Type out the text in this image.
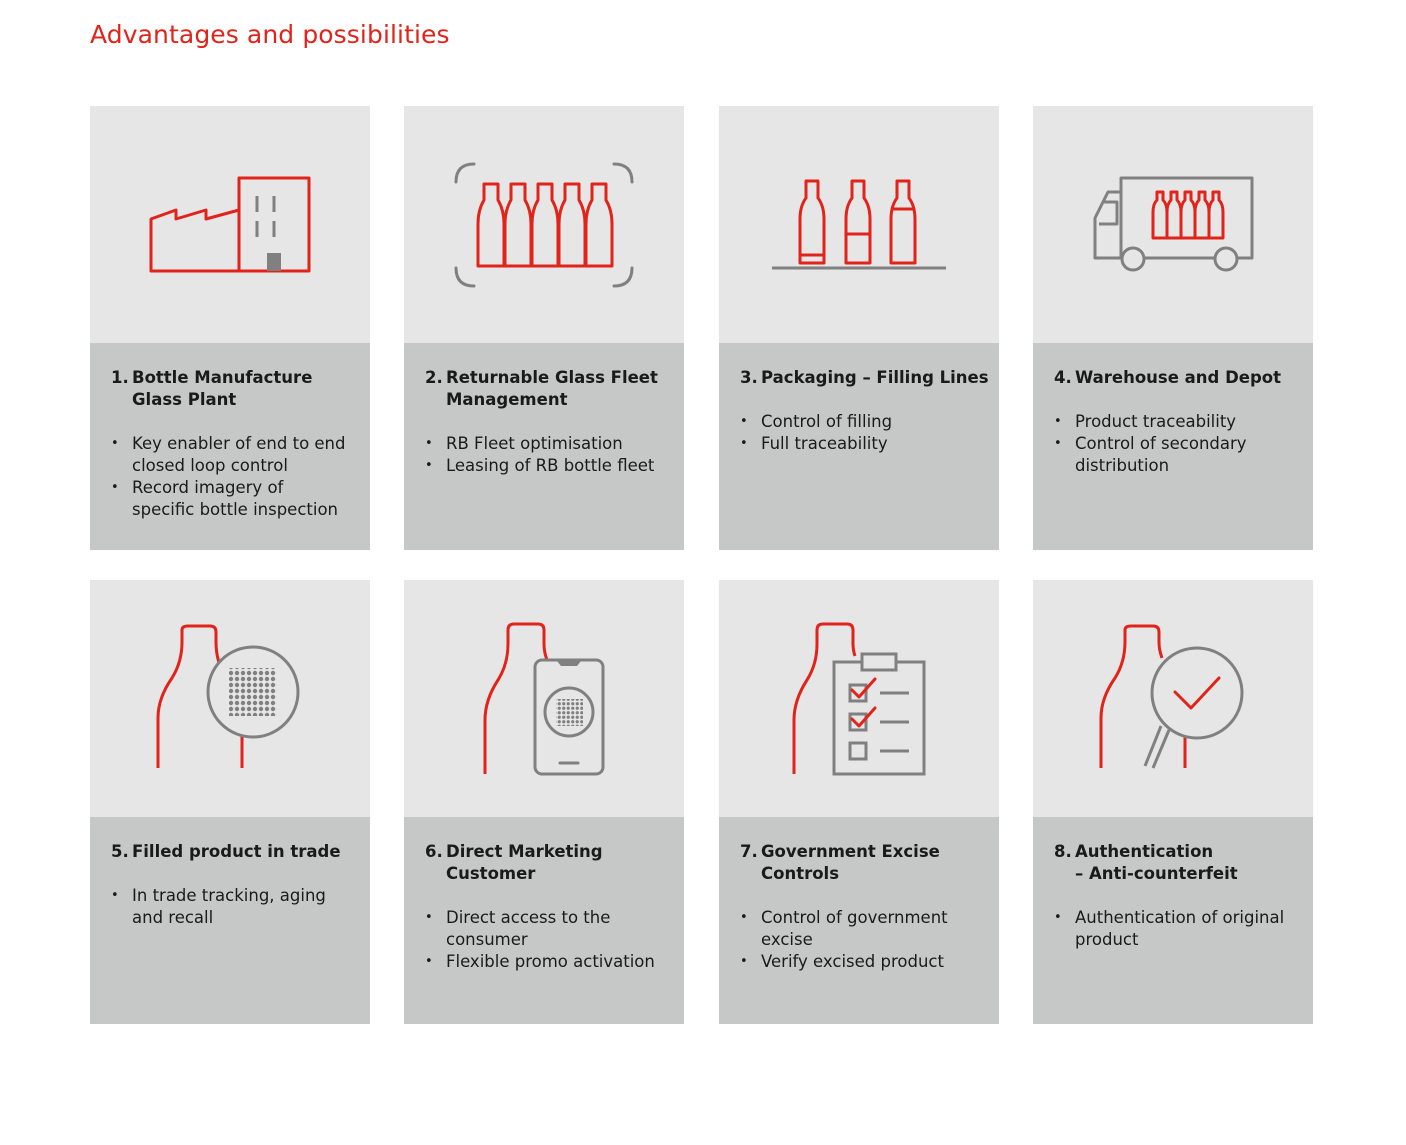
Advantages and possibilities
1. Bottle Manufacture
Glass Plant
• Key enabler of end to end
closed loop control
• Record imagery of
specific bottle inspection
2. Returnable Glass Fleet
Management
• RB Fleet optimisation
• Leasing of RB bottle fleet
3. Packaging – Filling Lines
• Control of filling
• Full traceability
4. Warehouse and Depot
• Product traceability
• Control of secondary
distribution
5. Filled product in trade
• In trade tracking, aging
and recall
6. Direct Marketing
Customer
• Direct access to the
consumer
• Flexible promo activation
7. Government Excise
Controls
• Control of government
excise
• Verify excised product
8. Authentication
– Anti-counterfeit
• Authentication of original
product
